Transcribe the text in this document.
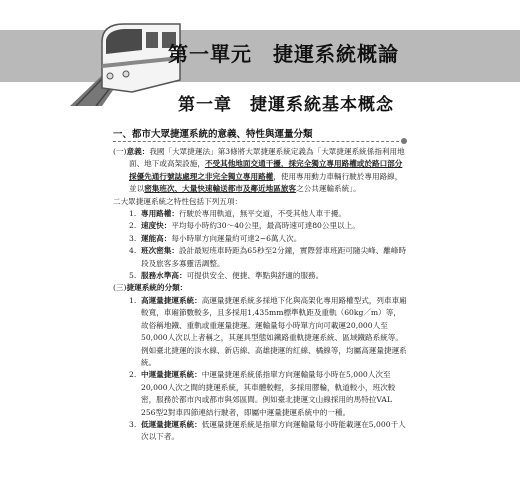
第一單元　捷運系統概論
第一章　捷運系統基本概念
一、都市大眾捷運系統的意義、特性與運量分類
(一)意義：我國「大眾捷運法」第3條將大眾捷運系統定義為「大眾捷運系統係指利用地面、地下或高架設施，不受其他地面交通干擾，採完全獨立專用路權或於路口部分採優先通行號誌處理之非完全獨立專用路權，使用專用動力車輛行駛於專用路線，並以密集班次、大量快速輸送都市及鄰近地區旅客之公共運輸系統」。
二大眾捷運系統之特性包括下列五項：
1. 專用路權：行駛於專用軌道，無平交道，不受其他人車干擾。
2. 速度快：平均每小時約30～40公里，最高時速可達80公里以上。
3. 運能高：每小時單方向運量約可達2~6萬人次。
4. 班次密集：設計最短班車時距為65秒至2分鐘，實際營車班距可隨尖峰、離峰時段及旅客多寡靈活調整。
5. 服務水準高：可提供安全、便捷、準點與舒適的服務。
(三)捷運系統的分類：
1. 高運量捷運系統：高運量捷運系統多採地下化與高架化專用路權型式，列車車廂較寬，車廂節數較多，且多採用1,435mm標準軌距及重軌（60kg／m）等，故俗稱地鐵、重軌或重運量捷運。運輸量每小時單方向可載運20,000人至50,000人次以上者稱之，其運具型態如鐵路重軌捷運系統、區域鐵路系統等。例如臺北捷運的淡水線、新店線、高雄捷運的紅線、橘線等，均屬高運量捷運系統。
2. 中運量捷運系統：中運量捷運系統係指單方向運輸量每小時在5,000人次至20,000人次之間的捷運系統，其車體較輕，多採用膠輪，軌道較小，班次較密，服務於都市內或都市與郊區間。例如臺北捷運文山線採用的馬特拉VAL 256型2對車四節連結行駛者，即屬中運量捷運系統中的一種。
3. 低運量捷運系統：低運量捷運系統是指單方向運輸量每小時能載運在5,000千人次以下者。
